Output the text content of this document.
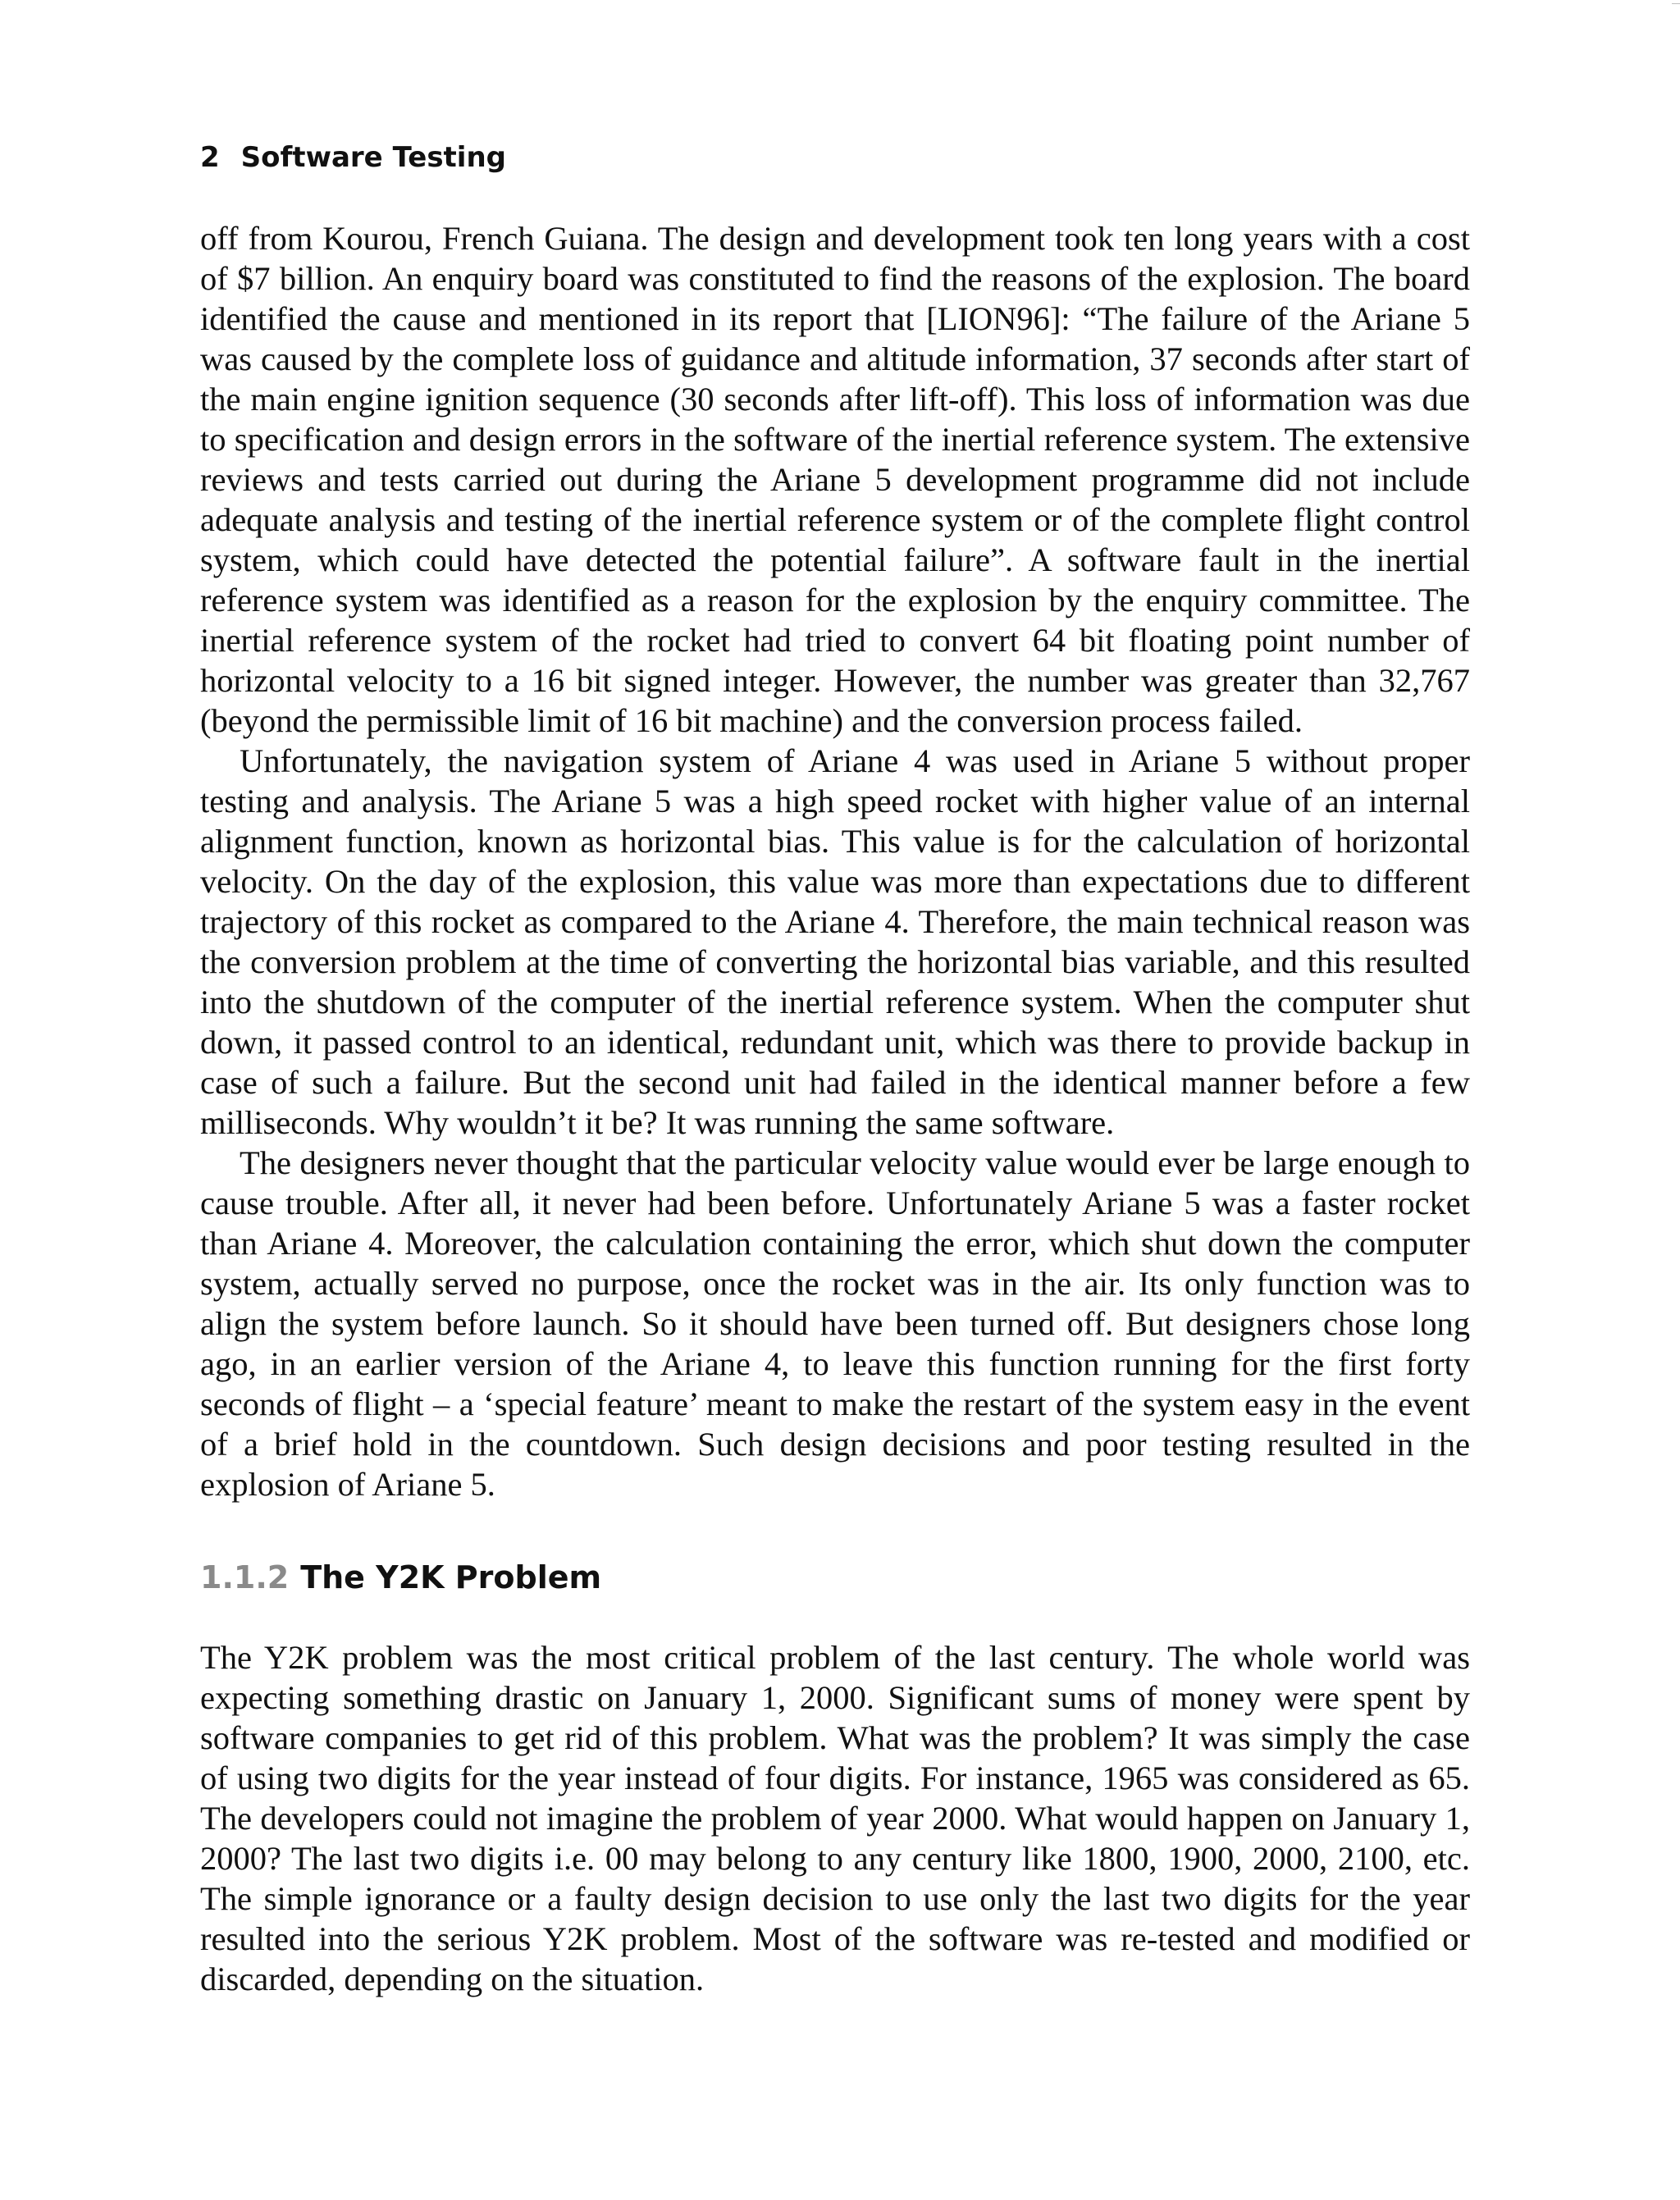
2 Software Testing

off from Kourou, French Guiana. The design and development took ten long years with a cost of $7 billion. An enquiry board was constituted to find the reasons of the explosion. The board identified the cause and mentioned in its report that [LION96]: “The failure of the Ariane 5 was caused by the complete loss of guidance and altitude information, 37 seconds after start of the main engine ignition sequence (30 seconds after lift-off). This loss of information was due to specification and design errors in the software of the inertial reference system. The extensive reviews and tests carried out during the Ariane 5 development programme did not include adequate analysis and testing of the inertial reference system or of the complete flight control system, which could have detected the potential failure”. A software fault in the inertial reference system was identified as a reason for the explosion by the enquiry committee. The inertial reference system of the rocket had tried to convert 64 bit floating point number of horizontal velocity to a 16 bit signed integer. However, the number was greater than 32,767 (beyond the permissible limit of 16 bit machine) and the conversion process failed.

Unfortunately, the navigation system of Ariane 4 was used in Ariane 5 without proper testing and analysis. The Ariane 5 was a high speed rocket with higher value of an internal alignment function, known as horizontal bias. This value is for the calculation of horizontal velocity. On the day of the explosion, this value was more than expectations due to different trajectory of this rocket as compared to the Ariane 4. Therefore, the main technical reason was the conversion problem at the time of converting the horizontal bias variable, and this resulted into the shutdown of the computer of the inertial reference system. When the computer shut down, it passed control to an identical, redundant unit, which was there to provide backup in case of such a failure. But the second unit had failed in the identical manner before a few milliseconds. Why wouldn’t it be? It was running the same software.

The designers never thought that the particular velocity value would ever be large enough to cause trouble. After all, it never had been before. Unfortunately Ariane 5 was a faster rocket than Ariane 4. Moreover, the calculation containing the error, which shut down the computer system, actually served no purpose, once the rocket was in the air. Its only function was to align the system before launch. So it should have been turned off. But designers chose long ago, in an earlier version of the Ariane 4, to leave this function running for the first forty seconds of flight – a ‘special feature’ meant to make the restart of the system easy in the event of a brief hold in the countdown. Such design decisions and poor testing resulted in the explosion of Ariane 5.

1.1.2 The Y2K Problem

The Y2K problem was the most critical problem of the last century. The whole world was expecting something drastic on January 1, 2000. Significant sums of money were spent by software companies to get rid of this problem. What was the problem? It was simply the case of using two digits for the year instead of four digits. For instance, 1965 was considered as 65. The developers could not imagine the problem of year 2000. What would happen on January 1, 2000? The last two digits i.e. 00 may belong to any century like 1800, 1900, 2000, 2100, etc. The simple ignorance or a faulty design decision to use only the last two digits for the year resulted into the serious Y2K problem. Most of the software was re-tested and modified or discarded, depending on the situation.
